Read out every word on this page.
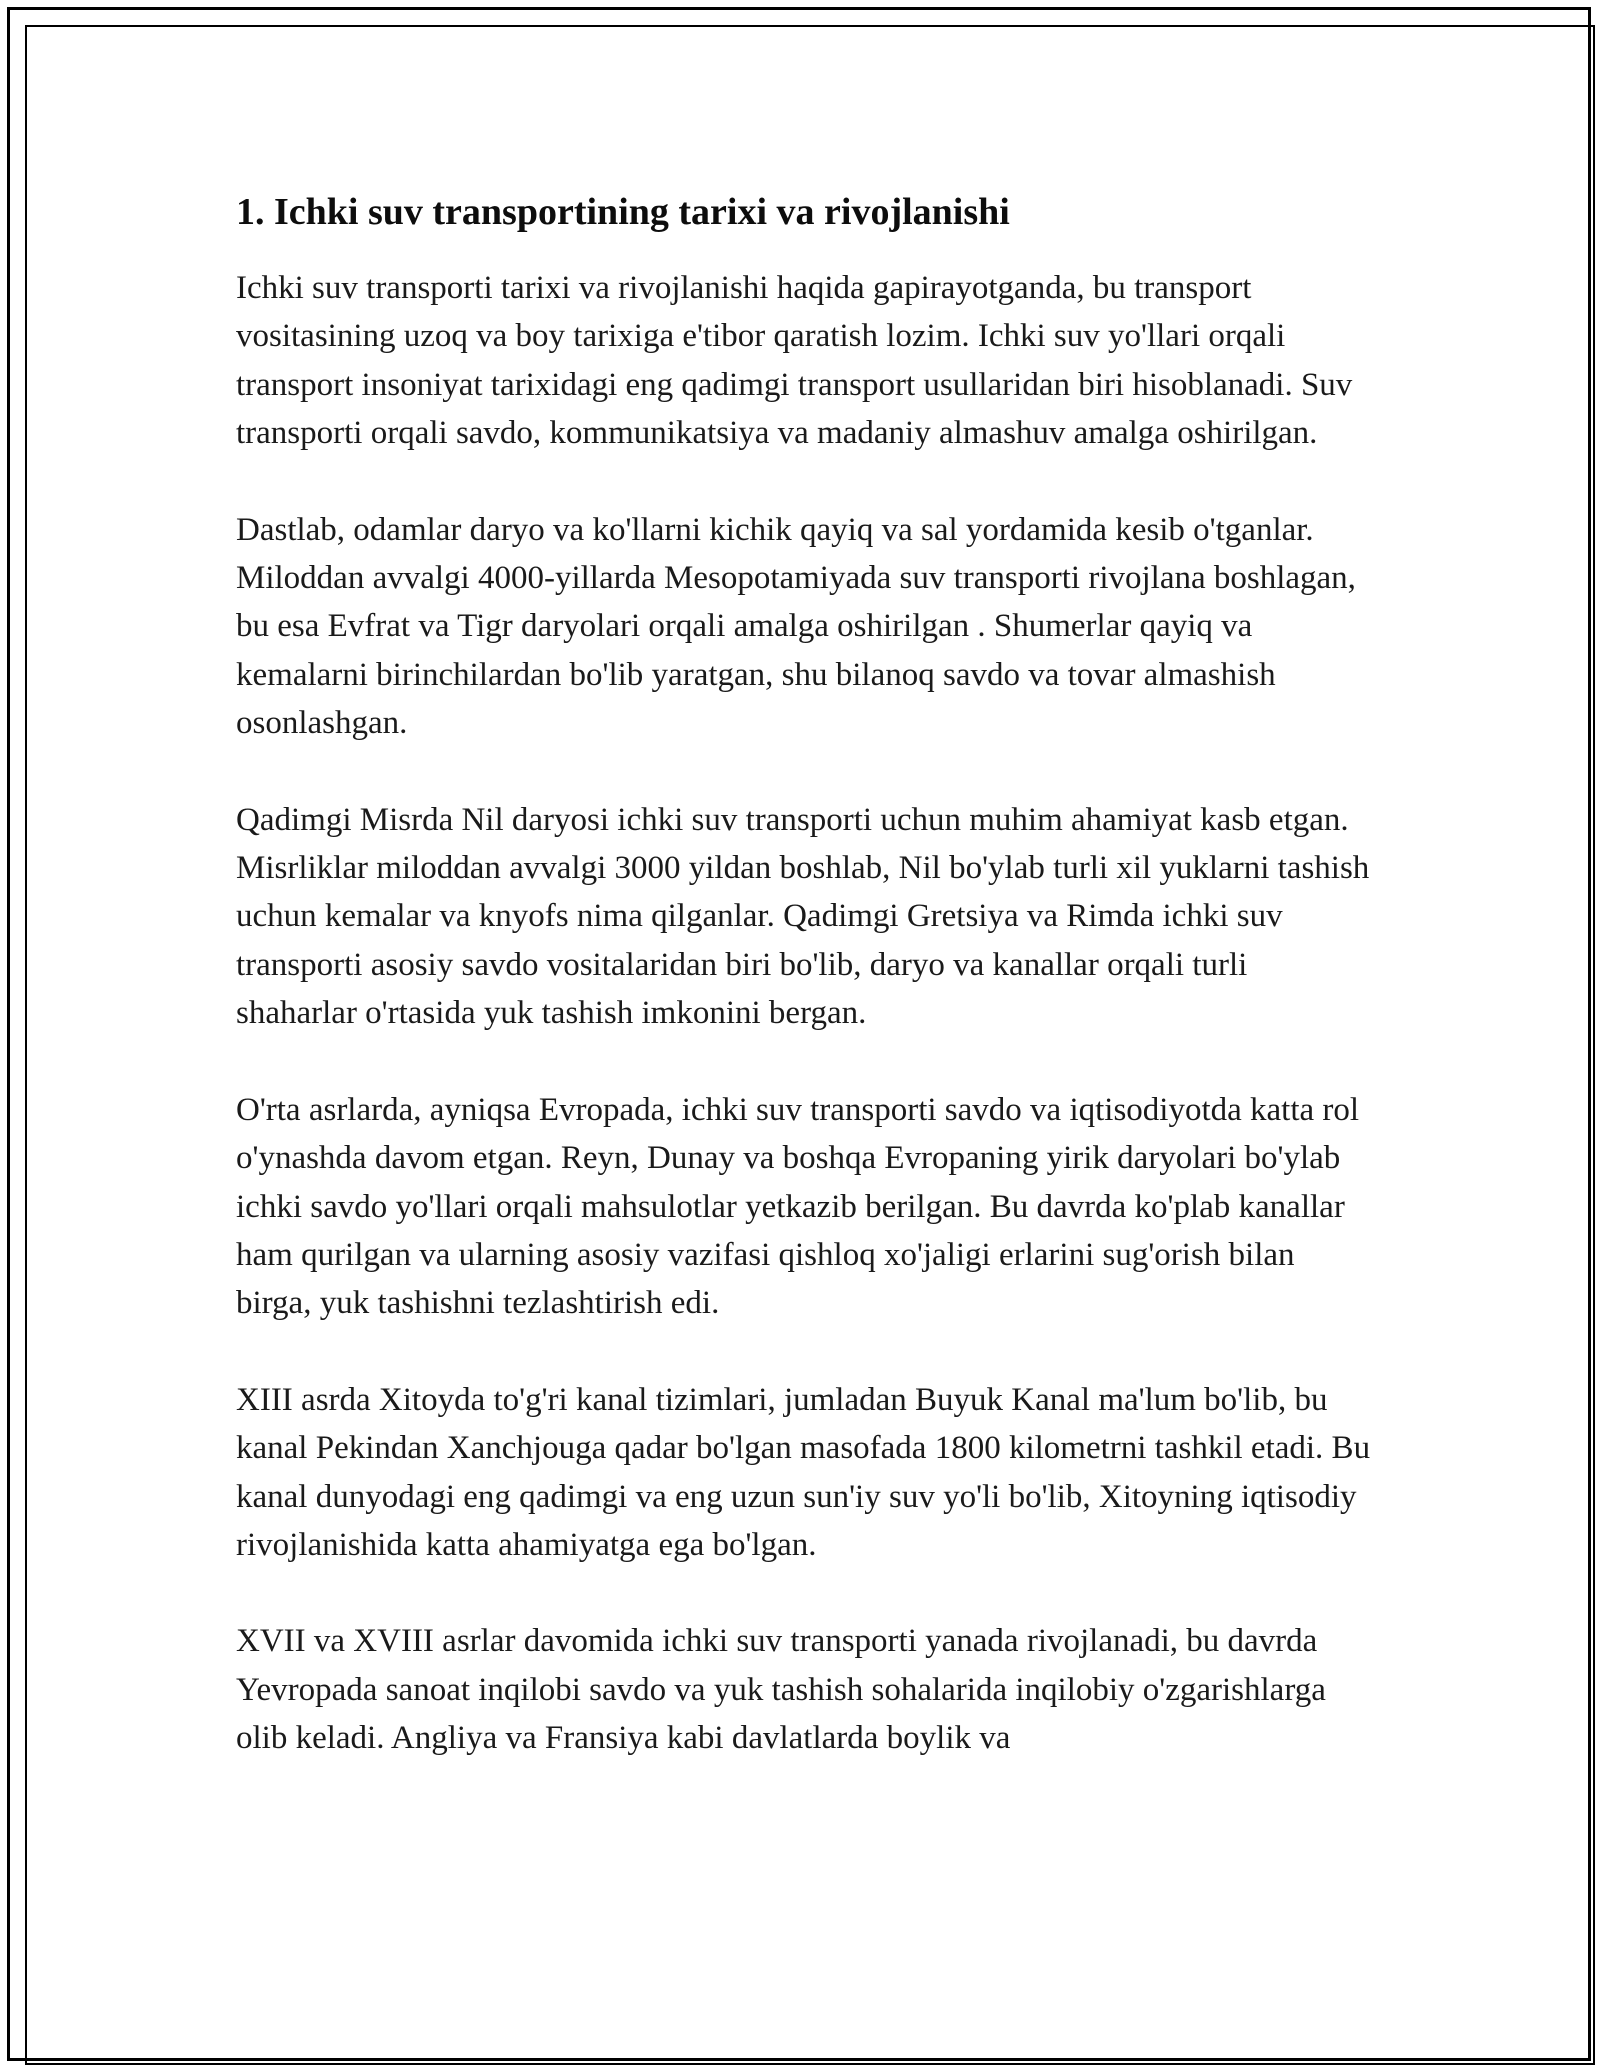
1. Ichki suv transportining tarixi va rivojlanishi

Ichki suv transporti tarixi va rivojlanishi haqida gapirayotganda, bu transport vositasining uzoq va boy tarixiga e'tibor qaratish lozim. Ichki suv yo'llari orqali transport insoniyat tarixidagi eng qadimgi transport usullaridan biri hisoblanadi. Suv transporti orqali savdo, kommunikatsiya va madaniy almashuv amalga oshirilgan.

Dastlab, odamlar daryo va ko'llarni kichik qayiq va sal yordamida kesib o'tganlar. Miloddan avvalgi 4000-yillarda Mesopotamiyada suv transporti rivojlana boshlagan, bu esa Evfrat va Tigr daryolari orqali amalga oshirilgan . Shumerlar qayiq va kemalarni birinchilardan bo'lib yaratgan, shu bilanoq savdo va tovar almashish osonlashgan.

Qadimgi Misrda Nil daryosi ichki suv transporti uchun muhim ahamiyat kasb etgan. Misrliklar miloddan avvalgi 3000 yildan boshlab, Nil bo'ylab turli xil yuklarni tashish uchun kemalar va knyofs nima qilganlar. Qadimgi Gretsiya va Rimda ichki suv transporti asosiy savdo vositalaridan biri bo'lib, daryo va kanallar orqali turli shaharlar o'rtasida yuk tashish imkonini bergan.

O'rta asrlarda, ayniqsa Evropada, ichki suv transporti savdo va iqtisodiyotda katta rol o'ynashda davom etgan. Reyn, Dunay va boshqa Evropaning yirik daryolari bo'ylab ichki savdo yo'llari orqali mahsulotlar yetkazib berilgan. Bu davrda ko'plab kanallar ham qurilgan va ularning asosiy vazifasi qishloq xo'jaligi erlarini sug'orish bilan birga, yuk tashishni tezlashtirish edi.

XIII asrda Xitoyda to'g'ri kanal tizimlari, jumladan Buyuk Kanal ma'lum bo'lib, bu kanal Pekindan Xanchjouga qadar bo'lgan masofada 1800 kilometrni tashkil etadi. Bu kanal dunyodagi eng qadimgi va eng uzun sun'iy suv yo'li bo'lib, Xitoyning iqtisodiy rivojlanishida katta ahamiyatga ega bo'lgan.

XVII va XVIII asrlar davomida ichki suv transporti yanada rivojlanadi, bu davrda Yevropada sanoat inqilobi savdo va yuk tashish sohalarida inqilobiy o'zgarishlarga olib keladi. Angliya va Fransiya kabi davlatlarda boylik va
